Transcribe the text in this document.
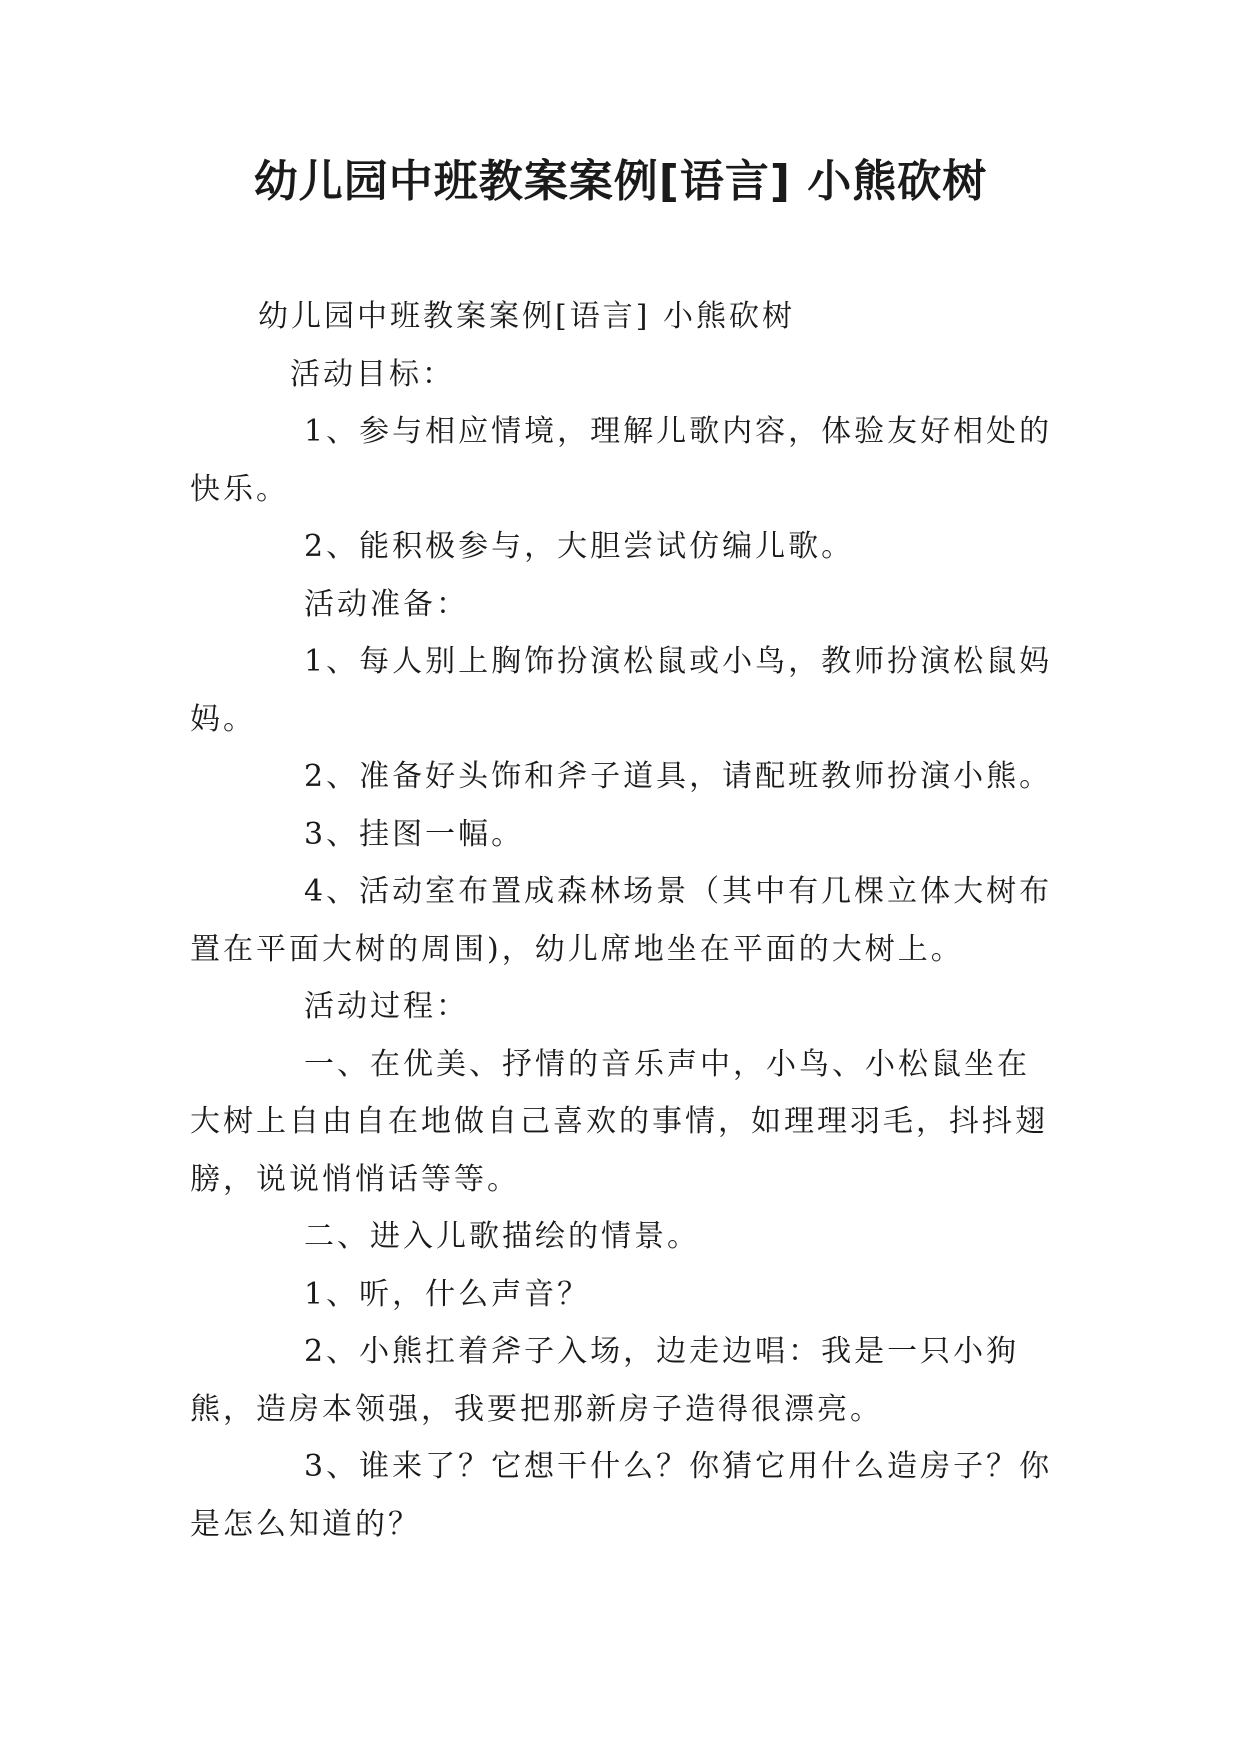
幼儿园中班教案案例[语言] 小熊砍树

幼儿园中班教案案例[语言] 小熊砍树

活动目标：

1、参与相应情境，理解儿歌内容，体验友好相处的快乐。

2、能积极参与，大胆尝试仿编儿歌。

活动准备：

1、每人别上胸饰扮演松鼠或小鸟，教师扮演松鼠妈妈。

2、准备好头饰和斧子道具，请配班教师扮演小熊。

3、挂图一幅。

4、活动室布置成森林场景（其中有几棵立体大树布置在平面大树的周围)，幼儿席地坐在平面的大树上。

活动过程：

一、在优美、抒情的音乐声中，小鸟、小松鼠坐在大树上自由自在地做自己喜欢的事情，如理理羽毛，抖抖翅膀，说说悄悄话等等。

二、进入儿歌描绘的情景。

1、听，什么声音？

2、小熊扛着斧子入场，边走边唱：我是一只小狗熊，造房本领强，我要把那新房子造得很漂亮。

3、谁来了？它想干什么？你猜它用什么造房子？你是怎么知道的？
